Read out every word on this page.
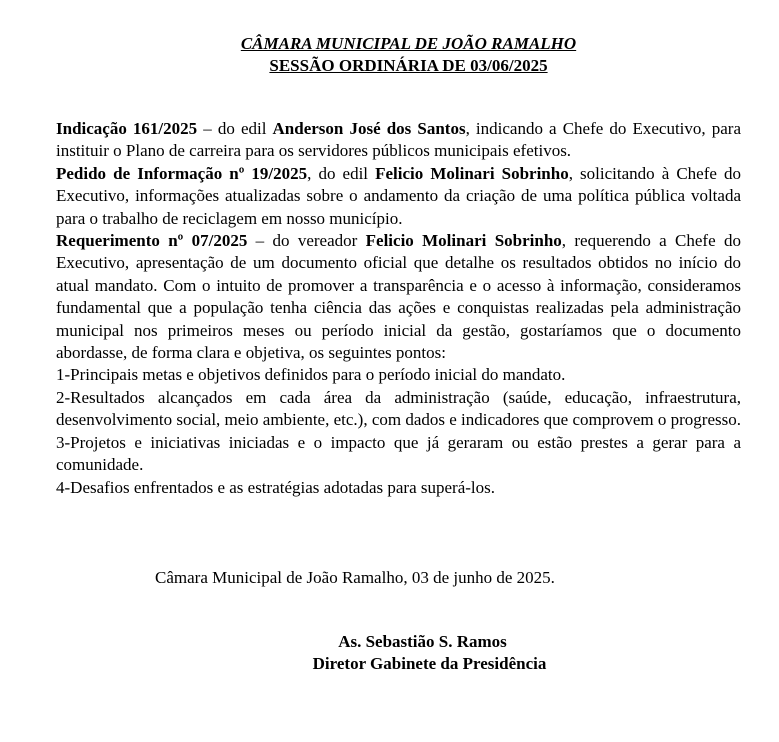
CÂMARA MUNICIPAL DE JOÃO RAMALHO
SESSÃO ORDINÁRIA DE 03/06/2025

Indicação 161/2025 – do edil Anderson José dos Santos, indicando a Chefe do Executivo, para instituir o Plano de carreira para os servidores públicos municipais efetivos.

Pedido de Informação nº 19/2025, do edil Felicio Molinari Sobrinho, solicitando à Chefe do Executivo, informações atualizadas sobre o andamento da criação de uma política pública voltada para o trabalho de reciclagem em nosso município.

Requerimento nº 07/2025 – do vereador Felicio Molinari Sobrinho, requerendo a Chefe do Executivo, apresentação de um documento oficial que detalhe os resultados obtidos no início do atual mandato. Com o intuito de promover a transparência e o acesso à informação, consideramos fundamental que a população tenha ciência das ações e conquistas realizadas pela administração municipal nos primeiros meses ou período inicial da gestão, gostaríamos que o documento abordasse, de forma clara e objetiva, os seguintes pontos:

1-Principais metas e objetivos definidos para o período inicial do mandato.

2-Resultados alcançados em cada área da administração (saúde, educação, infraestrutura, desenvolvimento social, meio ambiente, etc.), com dados e indicadores que comprovem o progresso.

3-Projetos e iniciativas iniciadas e o impacto que já geraram ou estão prestes a gerar para a comunidade.

4-Desafios enfrentados e as estratégias adotadas para superá-los.

Câmara Municipal de João Ramalho, 03 de junho de 2025.
As. Sebastião S. Ramos
Diretor Gabinete da Presidência
